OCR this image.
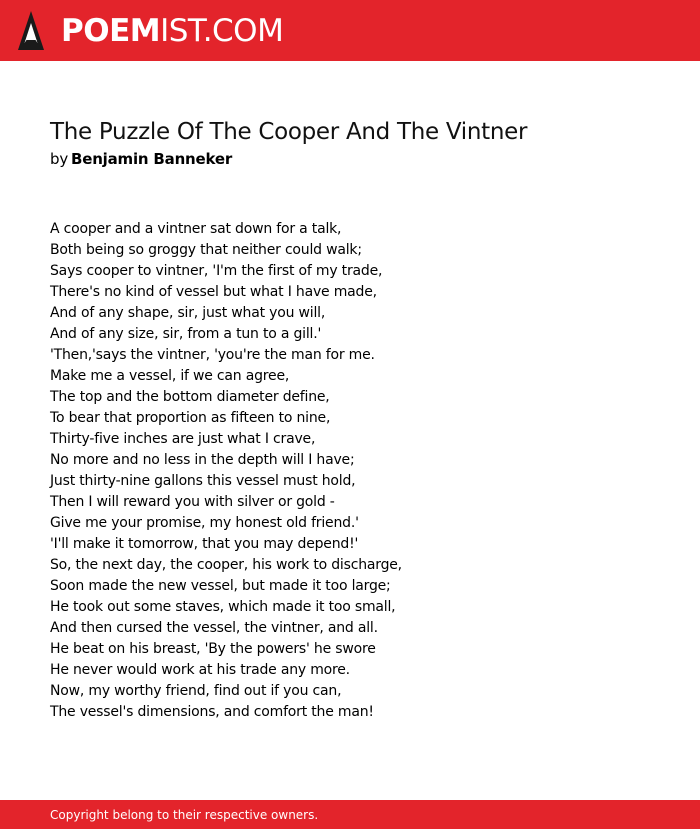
POEMIST.COM
The Puzzle Of The Cooper And The Vintner
by Benjamin Banneker
A cooper and a vintner sat down for a talk,
Both being so groggy that neither could walk;
Says cooper to vintner, 'I'm the first of my trade,
There's no kind of vessel but what I have made,
And of any shape, sir, just what you will,
And of any size, sir, from a tun to a gill.'
'Then,'says the vintner, 'you're the man for me.
Make me a vessel, if we can agree,
The top and the bottom diameter define,
To bear that proportion as fifteen to nine,
Thirty-five inches are just what I crave,
No more and no less in the depth will I have;
Just thirty-nine gallons this vessel must hold,
Then I will reward you with silver or gold -
Give me your promise, my honest old friend.'
'I'll make it tomorrow, that you may depend!'
So, the next day, the cooper, his work to discharge,
Soon made the new vessel, but made it too large;
He took out some staves, which made it too small,
And then cursed the vessel, the vintner, and all.
He beat on his breast, 'By the powers' he swore
He never would work at his trade any more.
Now, my worthy friend, find out if you can,
The vessel's dimensions, and comfort the man!
Copyright belong to their respective owners.
